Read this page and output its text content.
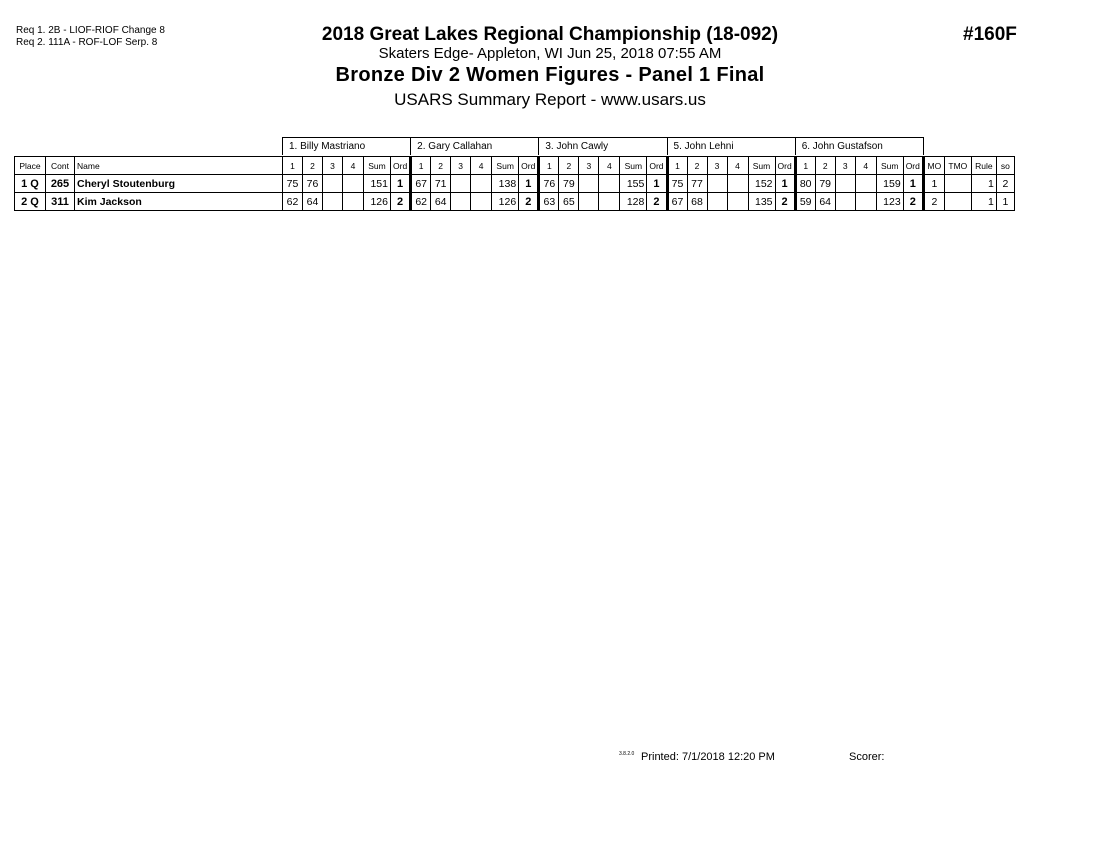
Req 1. 2B - LIOF-RIOF Change 8
Req 2. 111A - ROF-LOF Serp. 8	2018 Great Lakes Regional Championship (18-092)
Skaters Edge- Appleton, WI Jun 25, 2018 07:55 AM
Bronze Div 2 Women Figures - Panel 1 Final
USARS Summary Report - www.usars.us
#160F
			1. Billy Mastriano						2. Gary Callahan						3. John Cawly						5. John Lehni						6. John Gustafson									

Place	Cont	Name	1	2	3	4	Sum	Ord	1	2	3	4	Sum	Ord	1	2	3	4	Sum	Ord	1	2	3	4	Sum	Ord	1	2	3	4	Sum	Ord	MO	TMO	Rule	so
1 Q	265	Cheryl Stoutenburg	75	76			151	1	67	71			138	1	76	79			155	1	75	77			152	1	80	79			159	1	1		1	2
2 Q	311	Kim Jackson	62	64			126	2	62	64			126	2	63	65			128	2	67	68			135	2	59	64			123	2	2		1	1
3.8.2.0 Printed: 7/1/2018 12:20 PM	Scorer:
